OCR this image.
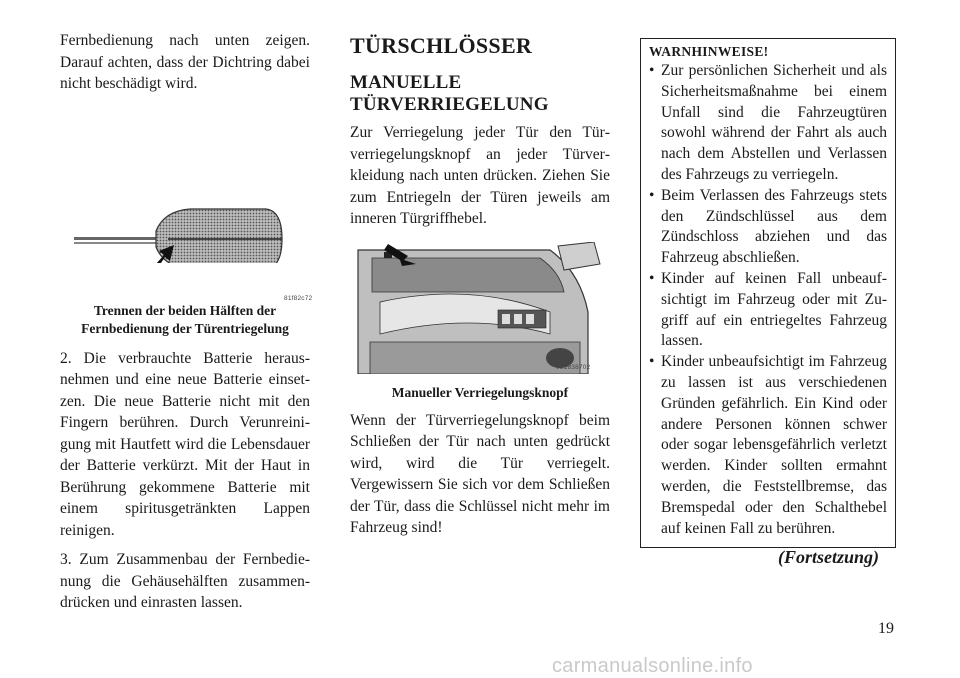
Fernbedienung nach unten zeigen. Darauf achten, dass der Dichtring dabei nicht beschädigt wird.

81f82c72

Trennen der beiden Hälften der

Fernbedienung der Türentriegelung

2. Die verbrauchte Batterie herausnehmen und eine neue Batterie einsetzen. Die neue Batterie nicht mit den Fingern berühren. Durch Verunreinigung mit Hautfett wird die Lebensdauer der Batterie verkürzt. Mit der Haut in Berührung gekommene Batterie mit einem spiritusgetränkten Lappen reinigen.

3. Zum Zusammenbau der Fernbedienung die Gehäusehälften zusammendrücken und einrasten lassen.

TÜRSCHLÖSSER
MANUELLE
TÜRVERRIEGELUNG

Zur Verriegelung jeder Tür den Türverriegelungsknopf an jeder Türverkleidung nach unten drücken. Ziehen Sie zum Entriegeln der Türen jeweils am inneren Türgriffhebel.

021838702

Manueller Verriegelungsknopf

Wenn der Türverriegelungsknopf beim Schließen der Tür nach unten gedrückt wird, wird die Tür verriegelt. Vergewissern Sie sich vor dem Schließen der Tür, dass die Schlüssel nicht mehr im Fahrzeug sind!

WARNHINWEISE!
• Zur persönlichen Sicherheit und als Sicherheitsmaßnahme bei einem Unfall sind die Fahrzeugtüren sowohl während der Fahrt als auch nach dem Abstellen und Verlassen des Fahrzeugs zu verriegeln.
• Beim Verlassen des Fahrzeugs stets den Zündschlüssel aus dem Zündschloss abziehen und das Fahrzeug abschließen.
• Kinder auf keinen Fall unbeaufsichtigt im Fahrzeug oder mit Zugriff auf ein entriegeltes Fahrzeug lassen.
• Kinder unbeaufsichtigt im Fahrzeug zu lassen ist aus verschiedenen Gründen gefährlich. Ein Kind oder andere Personen können schwer oder sogar lebensgefährlich verletzt werden. Kinder sollten ermahnt werden, die Feststellbremse, das Bremspedal oder den Schalthebel auf keinen Fall zu berühren.
(Fortsetzung)
19
carmanualsonline.info
